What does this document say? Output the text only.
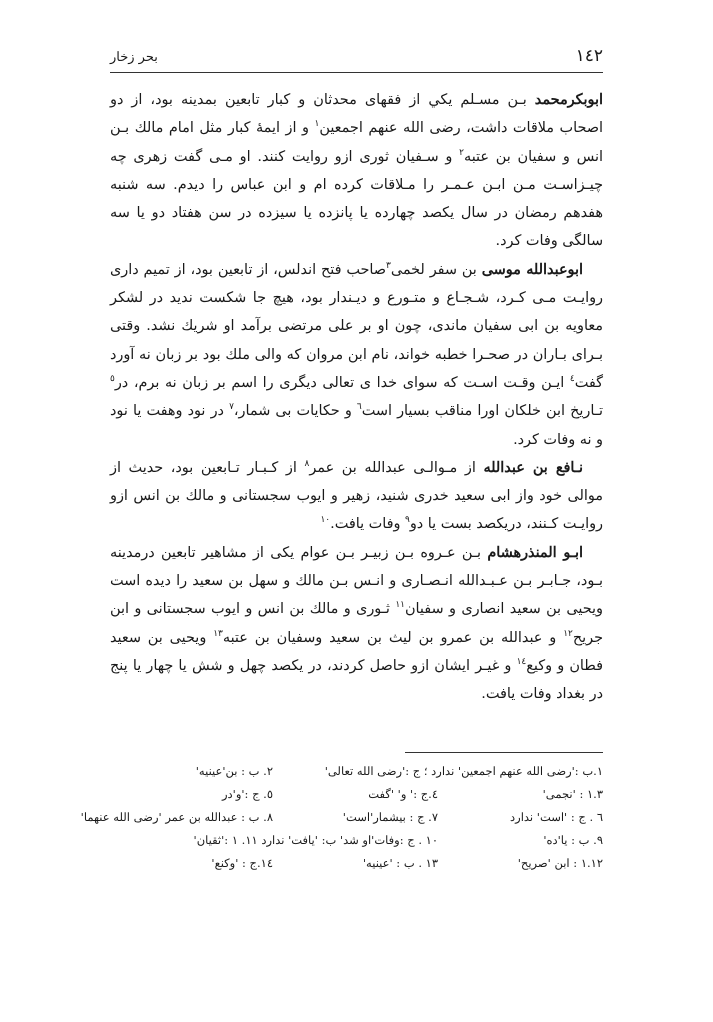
١٤٢
بحر زخار

ابوبکرمحمد بـن مسـلم يكي از فقهای محدثان و كبار تابعين بمدينه بود، از دو اصحاب ملاقات داشت، رضی الله عنهم اجمعين$^١$ و از ايمهٔ كبار مثل امام مالك بـن انس و سفيان بن عتبه$^٢$ و سـفيان ثوری ازو روايت كنند. او مـی گفت زهری چه چيـزاسـت مـن ابـن عـمـر را مـلاقات كرده ام و ابن عباس را ديدم. سه شنبه هفدهم رمضان در سال يكصد چهارده يا پانزده يا سيزده در سن هفتاد دو يا سه سالگی وفات كرد.

ابوعبدالله موسی بن سفر لخمی$^٣$صاحب فتح اندلس، از تابعين بود، از تميم داری روايـت مـی كـرد، شـجـاع و متـورع و ديـندار بود، هيچ جا شكست نديد در لشكر معاويه بن ابی سفيان ماندی، چون او بر علی مرتضی برآمد او شريك نشد. وقتی بـرای بـاران در صحـرا خطبه خواند، نام ابن مروان كه والی ملك بود بر زبان نه آورد گفت$^٤$ ايـن وقـت اسـت كه سوای خدا ی تعالی ديگری را اسم بر زبان نه برم، در$^٥$ تـاريخ ابن خلكان اورا مناقب بسيار است$^٦$ و حكايات بی شمار،$^٧$ در نود وهفت يا نود و نه وفات كرد.

نـافع بن عبدالله از مـوالـی عبدالله بن عمر$^٨$ از كـبـار تـابعين بود، حديث از موالی خود واز ابی سعيد خدری شنيد، زهير و ايوب سجستانی و مالك بن انس ازو روايـت كـنند، دريكصد بست يا دو$^٩$ وفات يافت.$^{١٠}$

ابـو المنذرهشام بـن عـروه بـن زبيـر بـن عوام يكی از مشاهير تابعين درمدينه بـود، جـابـر بـن عـبـدالله انـصـاری و انـس بـن مالك و سهل بن سعيد را ديده است ويحيی بن سعيد انصاری و سفيان$^{١١}$ ثـوری و مالك بن انس و ايوب سجستانی و ابن جريح$^{١٢}$ و عبدالله بن عمرو بن ليث بن سعيد وسفيان بن عتبه$^{١٣}$ ويحيی بن سعيد فطان و وكيع$^{١٤}$ و غيـر ايشان ازو حاصل كردند، در يكصد چهل و شش يا چهار يا پنج در بغداد وفات يافت.

١.ب :'رضی الله عنهم اجمعين' ندارد ؛ ج :'رضی الله تعالی'
٢. ب : بن'عينيه'
١.٣ : 'نجمی'
٤.ج :' و' 'گفت
٥. ج :'و'در
٦ . ج : 'است' ندارد
٧. ج : بيشمار'است'
٨. ب : عبدالله بن عمر 'رضی الله عنهما'
٩. ب : يا'ده'
١٠ . ج :وفات'او شد' ب: 'يافت' ندارد ١١. ١ :'ثقيان'
١.١٢ : ابن 'صريح'
١٣ . ب : 'عينيه'
١٤.ج : 'وكنع'
